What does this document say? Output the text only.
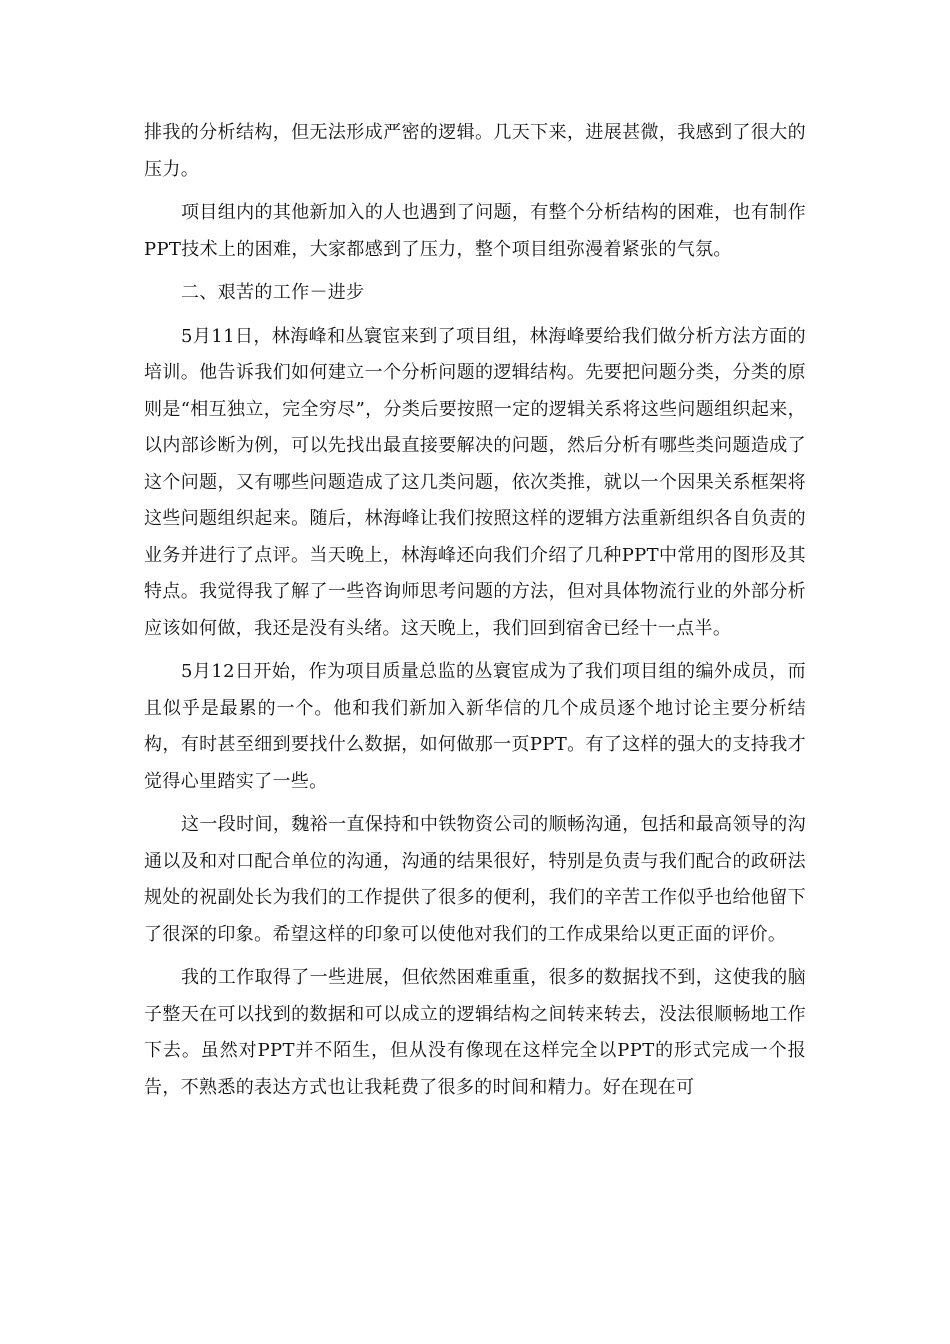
排我的分析结构，但无法形成严密的逻辑。几天下来，进展甚微，我感到了很大的压力。

项目组内的其他新加入的人也遇到了问题，有整个分析结构的困难，也有制作PPT技术上的困难，大家都感到了压力，整个项目组弥漫着紧张的气氛。

二、艰苦的工作－进步

5月11日，林海峰和丛寰宦来到了项目组，林海峰要给我们做分析方法方面的培训。他告诉我们如何建立一个分析问题的逻辑结构。先要把问题分类，分类的原则是“相互独立，完全穷尽”，分类后要按照一定的逻辑关系将这些问题组织起来，以内部诊断为例，可以先找出最直接要解决的问题，然后分析有哪些类问题造成了这个问题，又有哪些问题造成了这几类问题，依次类推，就以一个因果关系框架将这些问题组织起来。随后，林海峰让我们按照这样的逻辑方法重新组织各自负责的业务并进行了点评。当天晚上，林海峰还向我们介绍了几种PPT中常用的图形及其特点。我觉得我了解了一些咨询师思考问题的方法，但对具体物流行业的外部分析应该如何做，我还是没有头绪。这天晚上，我们回到宿舍已经十一点半。

5月12日开始，作为项目质量总监的丛寰宦成为了我们项目组的编外成员，而且似乎是最累的一个。他和我们新加入新华信的几个成员逐个地讨论主要分析结构，有时甚至细到要找什么数据，如何做那一页PPT。有了这样的强大的支持我才觉得心里踏实了一些。

这一段时间，魏裕一直保持和中铁物资公司的顺畅沟通，包括和最高领导的沟通以及和对口配合单位的沟通，沟通的结果很好，特别是负责与我们配合的政研法规处的祝副处长为我们的工作提供了很多的便利，我们的辛苦工作似乎也给他留下了很深的印象。希望这样的印象可以使他对我们的工作成果给以更正面的评价。

我的工作取得了一些进展，但依然困难重重，很多的数据找不到，这使我的脑子整天在可以找到的数据和可以成立的逻辑结构之间转来转去，没法很顺畅地工作下去。虽然对PPT并不陌生，但从没有像现在这样完全以PPT的形式完成一个报告，不熟悉的表达方式也让我耗费了很多的时间和精力。好在现在可
